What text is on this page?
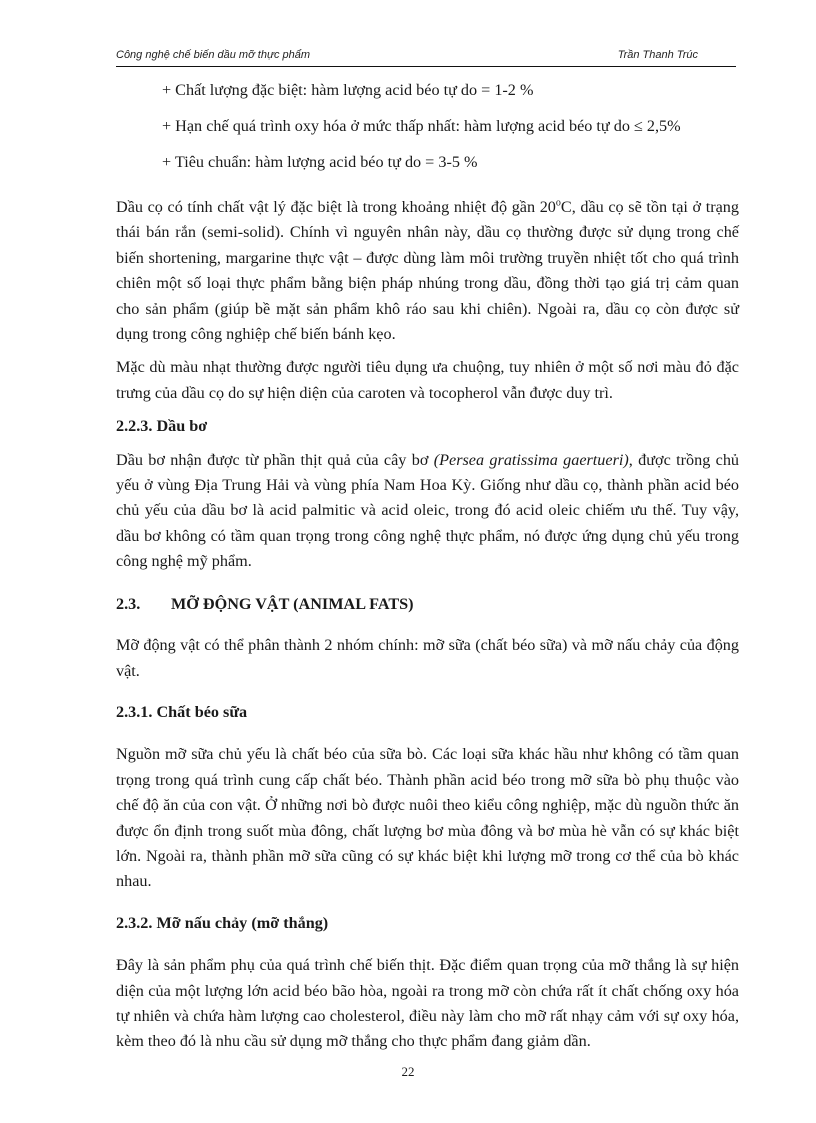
Công nghệ chế biến dầu mỡ thực phẩm	Trần Thanh Trúc

+ Chất lượng đặc biệt: hàm lượng acid béo tự do = 1-2 %

+ Hạn chế quá trình oxy hóa ở mức thấp nhất: hàm lượng acid béo tự do ≤ 2,5%

+ Tiêu chuẩn: hàm lượng acid béo tự do = 3-5 %

Dầu cọ có tính chất vật lý đặc biệt là trong khoảng nhiệt độ gần 20$^o$C, dầu cọ sẽ tồn tại ở trạng thái bán rắn (semi-solid). Chính vì nguyên nhân này, dầu cọ thường được sử dụng trong chế biến shortening, margarine thực vật – được dùng làm môi trường truyền nhiệt tốt cho quá trình chiên một số loại thực phẩm bằng biện pháp nhúng trong dầu, đồng thời tạo giá trị cảm quan cho sản phẩm (giúp bề mặt sản phẩm khô ráo sau khi chiên). Ngoài ra, dầu cọ còn được sử dụng trong công nghiệp chế biến bánh kẹo.

Mặc dù màu nhạt thường được người tiêu dụng ưa chuộng, tuy nhiên ở một số nơi màu đỏ đặc trưng của dầu cọ do sự hiện diện của caroten và tocopherol vẫn được duy trì.

2.2.3. Dầu bơ

Dầu bơ nhận được từ phần thịt quả của cây bơ (Persea gratissima gaertueri), được trồng chủ yếu ở vùng Địa Trung Hải và vùng phía Nam Hoa Kỳ. Giống như dầu cọ, thành phần acid béo chủ yếu của dầu bơ là acid palmitic và acid oleic, trong đó acid oleic chiếm ưu thế. Tuy vậy, dầu bơ không có tầm quan trọng trong công nghệ thực phẩm, nó được ứng dụng chủ yếu trong công nghệ mỹ phẩm.

2.3. MỠ ĐỘNG VẬT (ANIMAL FATS)

Mỡ động vật có thể phân thành 2 nhóm chính: mỡ sữa (chất béo sữa) và mỡ nấu chảy của động vật.

2.3.1. Chất béo sữa

Nguồn mỡ sữa chủ yếu là chất béo của sữa bò. Các loại sữa khác hầu như không có tầm quan trọng trong quá trình cung cấp chất béo. Thành phần acid béo trong mỡ sữa bò phụ thuộc vào chế độ ăn của con vật. Ở những nơi bò được nuôi theo kiểu công nghiệp, mặc dù nguồn thức ăn được ổn định trong suốt mùa đông, chất lượng bơ mùa đông và bơ mùa hè vẫn có sự khác biệt lớn. Ngoài ra, thành phần mỡ sữa cũng có sự khác biệt khi lượng mỡ trong cơ thể của bò khác nhau.

2.3.2. Mỡ nấu chảy (mỡ thắng)

Đây là sản phẩm phụ của quá trình chế biến thịt. Đặc điểm quan trọng của mỡ thắng là sự hiện diện của một lượng lớn acid béo bão hòa, ngoài ra trong mỡ còn chứa rất ít chất chống oxy hóa tự nhiên và chứa hàm lượng cao cholesterol, điều này làm cho mỡ rất nhạy cảm với sự oxy hóa, kèm theo đó là nhu cầu sử dụng mỡ thắng cho thực phẩm đang giảm dần.

22
